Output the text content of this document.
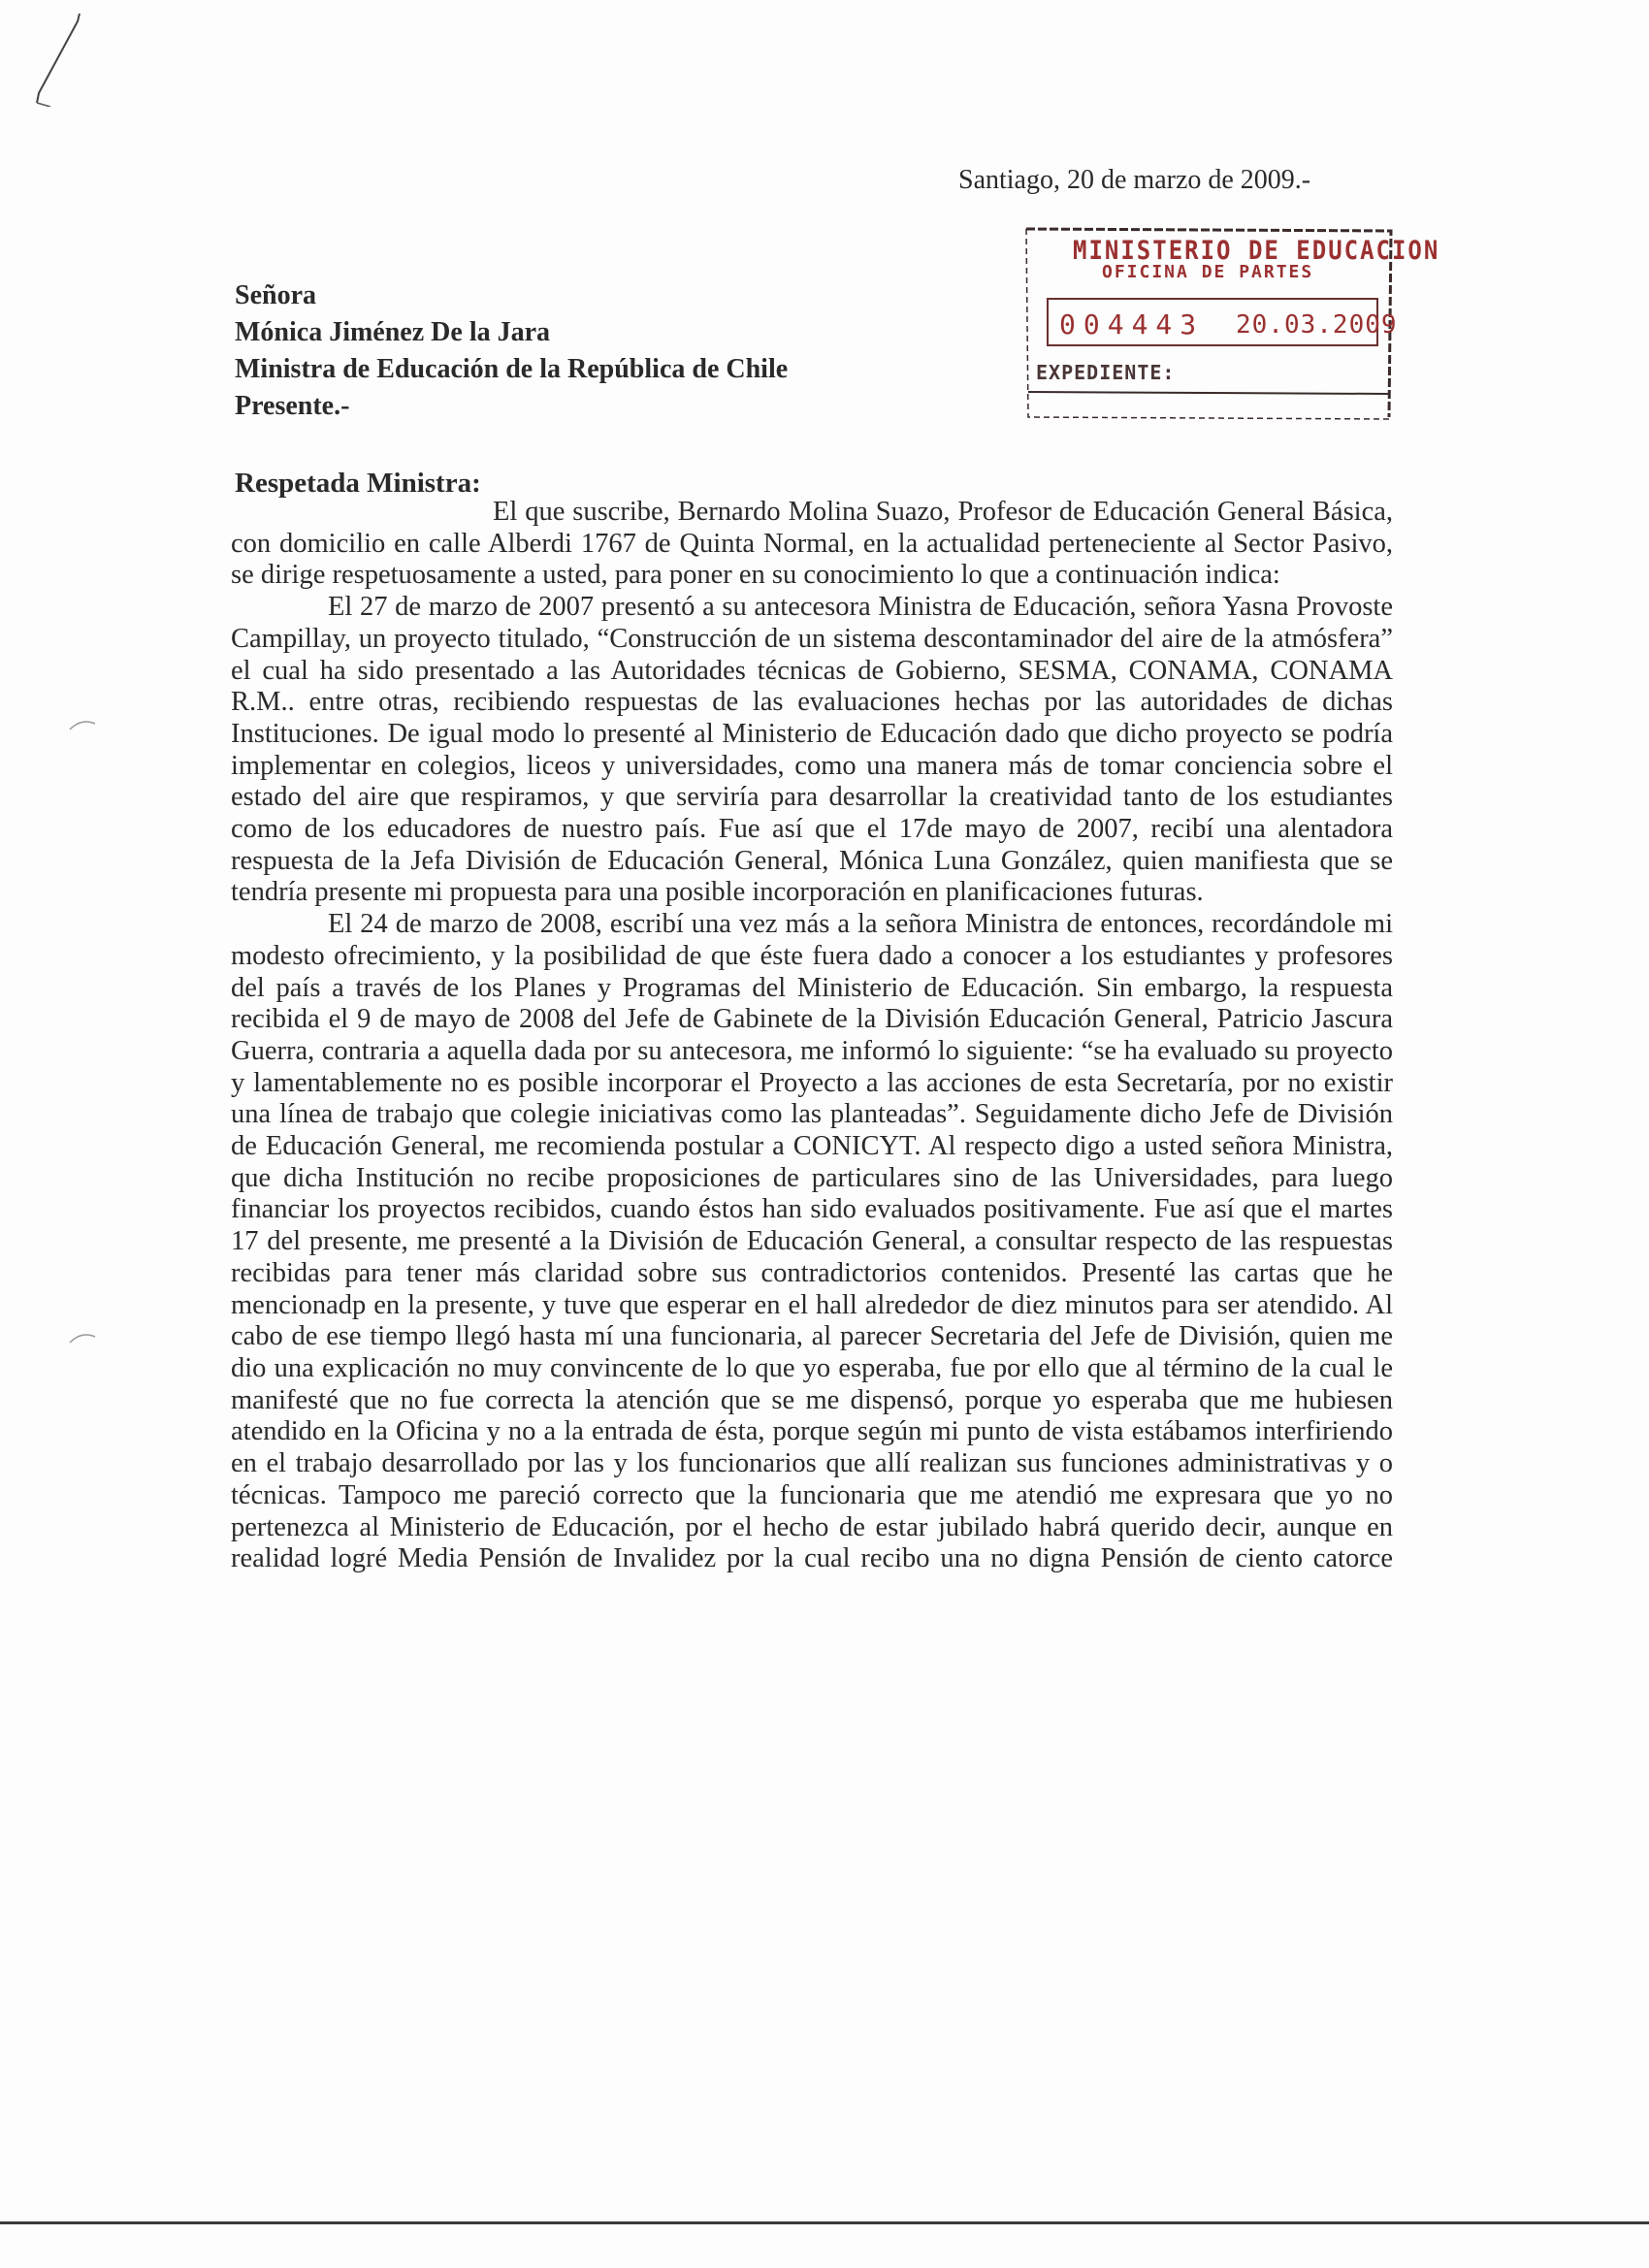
Santiago, 20 de marzo de 2009.-

MINISTERIO DE EDUCACION
OFICINA DE PARTES
004443 20.03.2009
EXPEDIENTE:
Señora
Mónica Jiménez De la Jara
Ministra de Educación de la República de Chile
Presente.-

Respetada Ministra:

El que suscribe, Bernardo Molina Suazo, Profesor de Educación General Básica, con domicilio en calle Alberdi 1767 de Quinta Normal, en la actualidad perteneciente al Sector Pasivo, se dirige respetuosamente a usted, para poner en su conocimiento lo que a continuación indica:

El 27 de marzo de 2007 presentó a su antecesora Ministra de Educación, señora Yasna Provoste Campillay, un proyecto titulado, “Construcción de un sistema descontaminador del aire de la atmósfera” el cual ha sido presentado a las Autoridades técnicas de Gobierno, SESMA, CONAMA, CONAMA R.M.. entre otras, recibiendo respuestas de las evaluaciones hechas por las autoridades de dichas Instituciones. De igual modo lo presenté al Ministerio de Educación dado que dicho proyecto se podría implementar en colegios, liceos y universidades, como una manera más de tomar conciencia sobre el estado del aire que respiramos, y que serviría para desarrollar la creatividad tanto de los estudiantes como de los educadores de nuestro país. Fue así que el 17de mayo de 2007, recibí una alentadora respuesta de la Jefa División de Educación General, Mónica Luna González, quien manifiesta que se tendría presente mi propuesta para una posible incorporación en planificaciones futuras.

El 24 de marzo de 2008, escribí una vez más a la señora Ministra de entonces, recordándole mi modesto ofrecimiento, y la posibilidad de que éste fuera dado a conocer a los estudiantes y profesores del país a través de los Planes y Programas del Ministerio de Educación. Sin embargo, la respuesta recibida el 9 de mayo de 2008 del Jefe de Gabinete de la División Educación General, Patricio Jascura Guerra, contraria a aquella dada por su antecesora, me informó lo siguiente: “se ha evaluado su proyecto y lamentablemente no es posible incorporar el Proyecto a las acciones de esta Secretaría, por no existir una línea de trabajo que colegie iniciativas como las planteadas”. Seguidamente dicho Jefe de División de Educación General, me recomienda postular a CONICYT. Al respecto digo a usted señora Ministra, que dicha Institución no recibe proposiciones de particulares sino de las Universidades, para luego financiar los proyectos recibidos, cuando éstos han sido evaluados positivamente. Fue así que el martes 17 del presente, me presenté a la División de Educación General, a consultar respecto de las respuestas recibidas para tener más claridad sobre sus contradictorios contenidos. Presenté las cartas que he mencionadp en la presente, y tuve que esperar en el hall alrededor de diez minutos para ser atendido. Al cabo de ese tiempo llegó hasta mí una funcionaria, al parecer Secretaria del Jefe de División, quien me dio una explicación no muy convincente de lo que yo esperaba, fue por ello que al término de la cual le manifesté que no fue correcta la atención que se me dispensó, porque yo esperaba que me hubiesen atendido en la Oficina y no a la entrada de ésta, porque según mi punto de vista estábamos interfiriendo en el trabajo desarrollado por las y los funcionarios que allí realizan sus funciones administrativas y o técnicas. Tampoco me pareció correcto que la funcionaria que me atendió me expresara que yo no pertenezca al Ministerio de Educación, por el hecho de estar jubilado habrá querido decir, aunque en realidad logré Media Pensión de Invalidez por la cual recibo una no digna Pensión de ciento catorce
